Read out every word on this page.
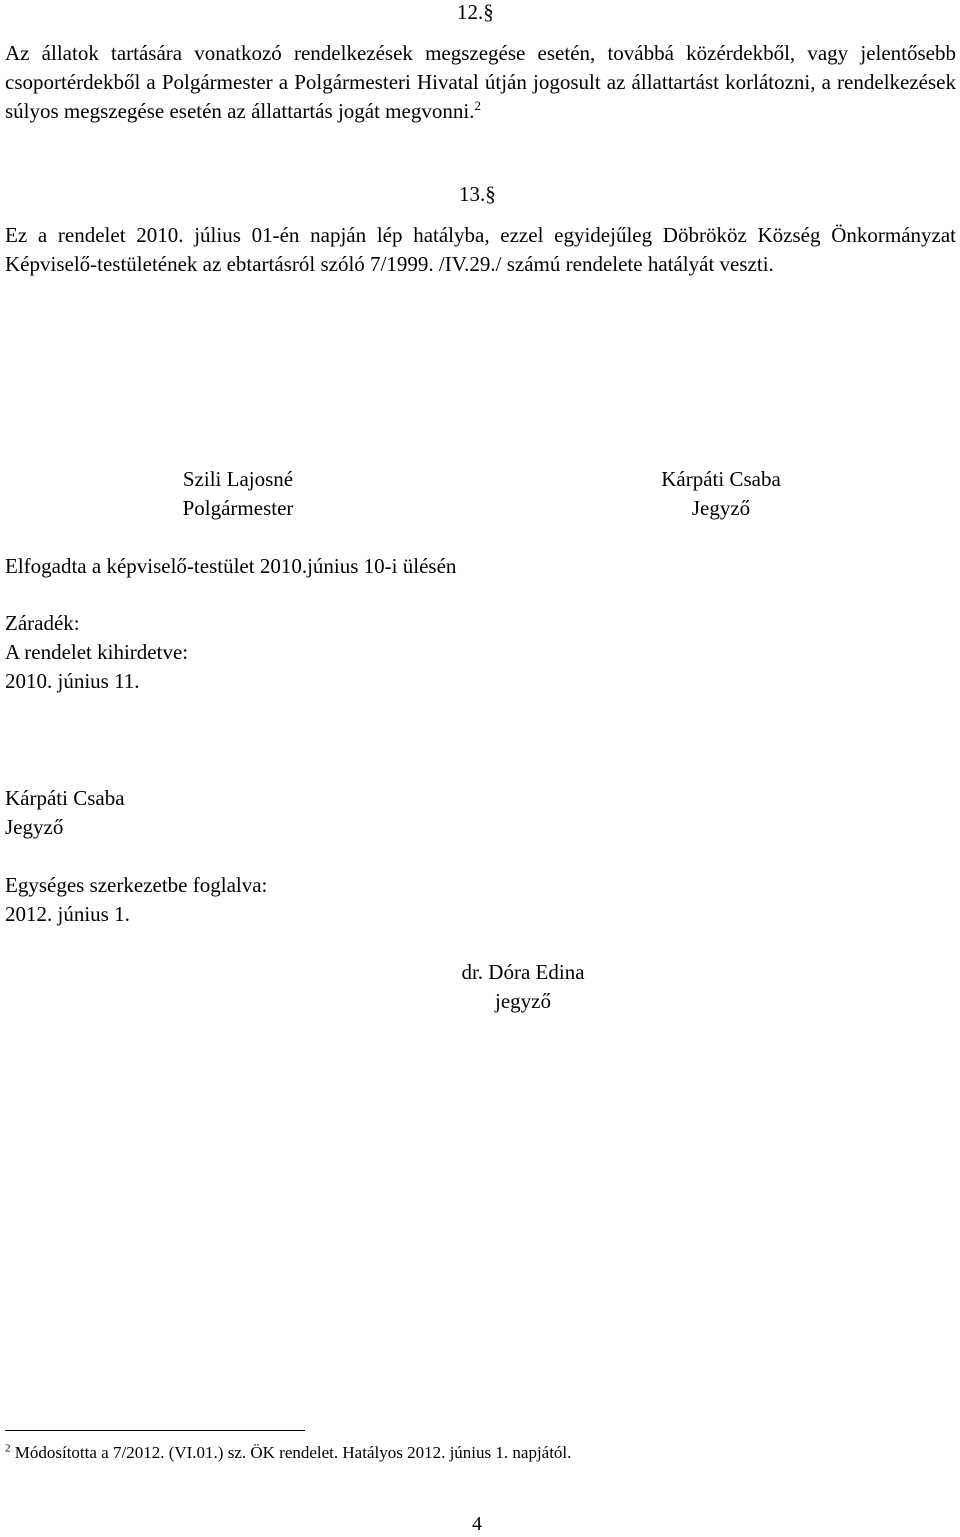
12.§
Az állatok tartására vonatkozó rendelkezések megszegése esetén, továbbá közérdekből, vagy jelentősebb csoportérdekből a Polgármester a Polgármesteri Hivatal útján jogosult az állattartást korlátozni, a rendelkezések súlyos megszegése esetén az állattartás jogát megvonni.$^2$
13.§
Ez a rendelet 2010. július 01-én napján lép hatályba, ezzel egyidejűleg Döbrököz Község Önkormányzat Képviselő-testületének az ebtartásról szóló 7/1999. /IV.29./ számú rendelete hatályát veszti.
Szili Lajosné
Polgármester
Kárpáti Csaba
Jegyző
Elfogadta a képviselő-testület 2010.június 10-i ülésén
Záradék:
A rendelet kihirdetve:
2010. június 11.
Kárpáti Csaba
Jegyző
Egységes szerkezetbe foglalva:
2012. június 1.
dr. Dóra Edina
jegyző
$^2$ Módosította a 7/2012. (VI.01.) sz. ÖK rendelet. Hatályos 2012. június 1. napjától.
4
